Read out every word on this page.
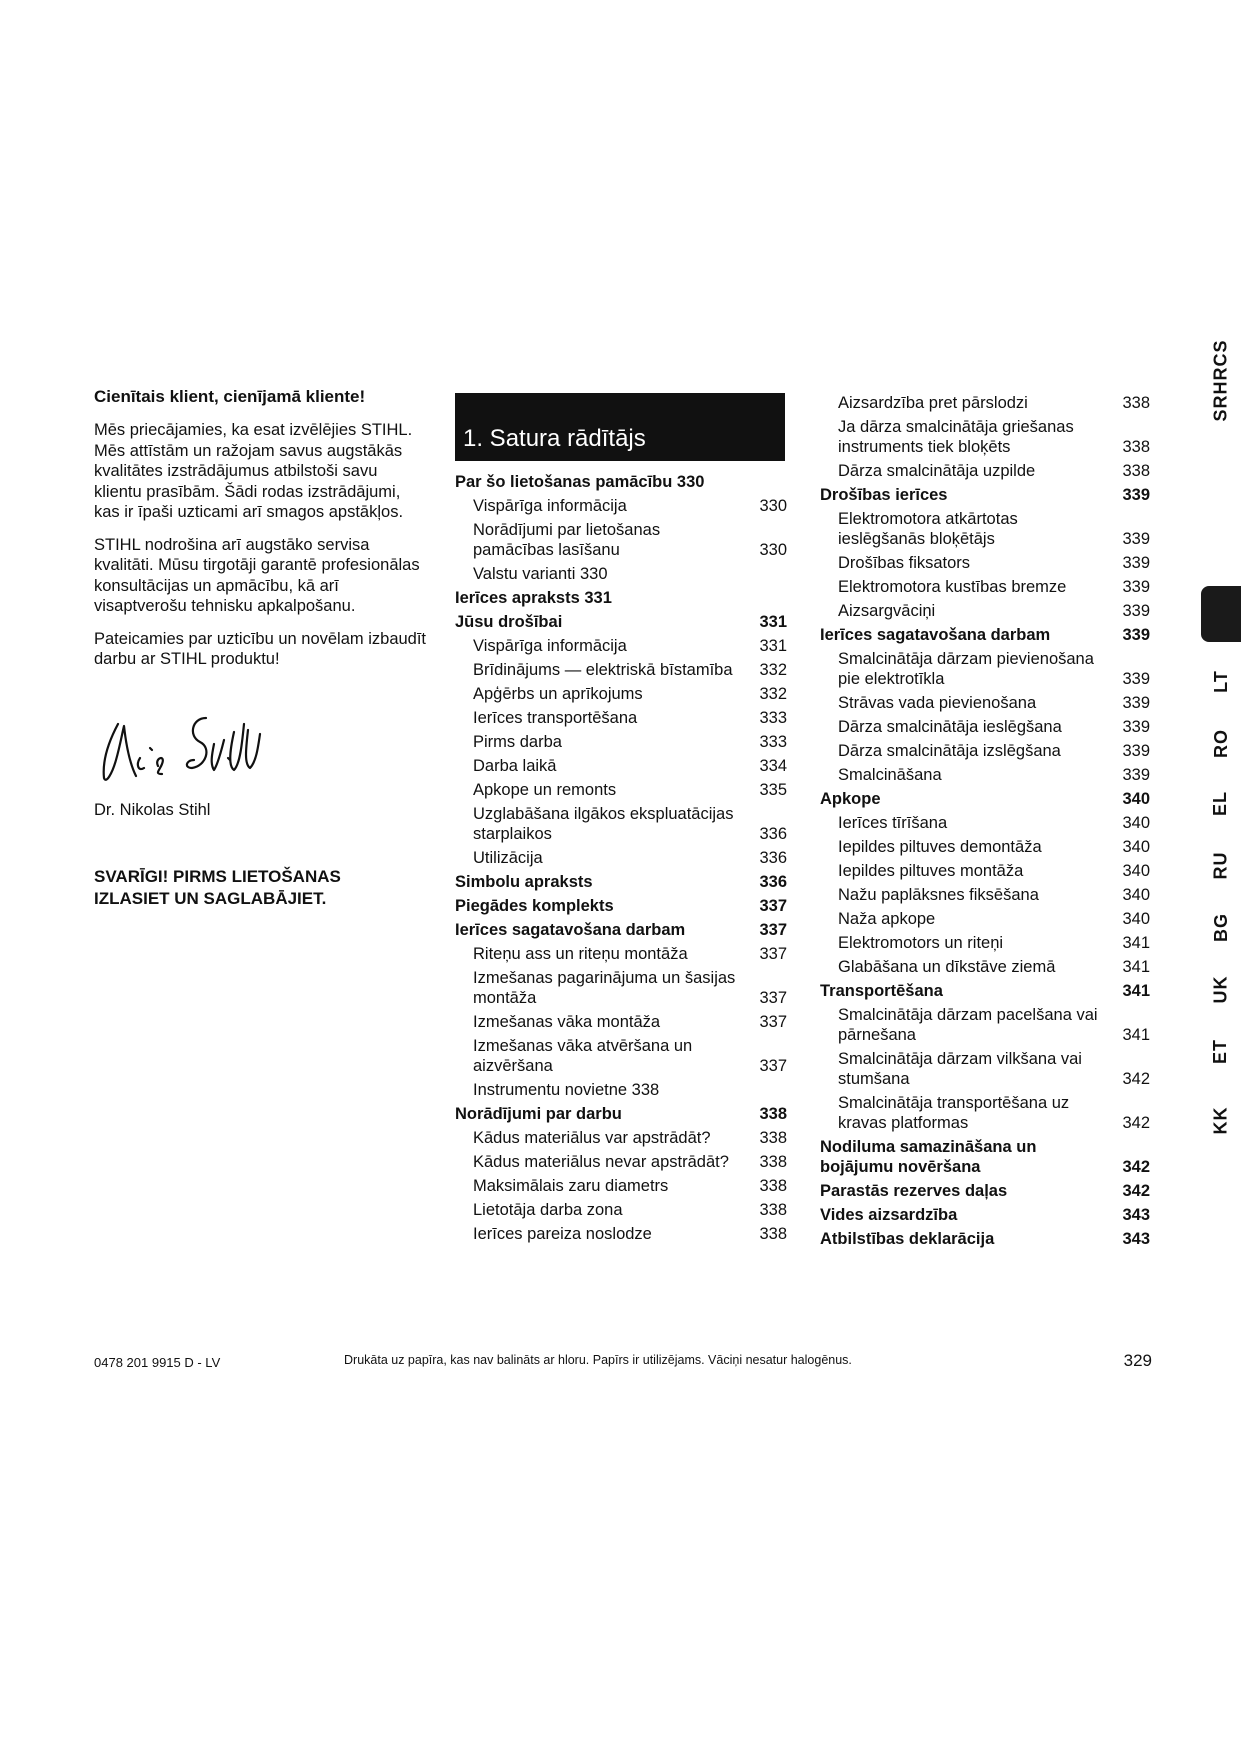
Cienītais klient, cienījamā kliente!

Mēs priecājamies, ka esat izvēlējies STIHL. Mēs attīstām un ražojam savus augstākās kvalitātes izstrādājumus atbilstoši savu klientu prasībām. Šādi rodas izstrādājumi, kas ir īpaši uzticami arī smagos apstākļos.

STIHL nodrošina arī augstāko servisa kvalitāti. Mūsu tirgotāji garantē profesionālas konsultācijas un apmācību, kā arī visaptverošu tehnisku apkalpošanu.

Pateicamies par uzticību un novēlam izbaudīt darbu ar STIHL produktu!

Dr. Nikolas Stihl

SVARĪGI! PIRMS LIETOŠANAS

IZLASIET UN SAGLABĀJIET.

1. Satura rādītājs
Par šo lietošanas pamācību 330
Vispārīga informācija	330
Norādījumi par lietošanas pamācības lasīšanu	330
Valstu varianti 330
Ierīces apraksts 331
Jūsu drošībai	331
Vispārīga informācija	331
Brīdinājums — elektriskā bīstamība	332
Apģērbs un aprīkojums	332
Ierīces transportēšana	333
Pirms darba	333
Darba laikā	334
Apkope un remonts	335
Uzglabāšana ilgākos ekspluatācijas starplaikos	336
Utilizācija	336
Simbolu apraksts	336
Piegādes komplekts	337
Ierīces sagatavošana darbam	337
Riteņu ass un riteņu montāža	337
Izmešanas pagarinājuma un šasijas montāža	337
Izmešanas vāka montāža	337
Izmešanas vāka atvēršana un aizvēršana	337
Instrumentu novietne 338
Norādījumi par darbu	338
Kādus materiālus var apstrādāt?	338
Kādus materiālus nevar apstrādāt?	338
Maksimālais zaru diametrs	338
Lietotāja darba zona	338
Ierīces pareiza noslodze	338
Aizsardzība pret pārslodzi	338
Ja dārza smalcinātāja griešanas instruments tiek bloķēts	338
Dārza smalcinātāja uzpilde	338
Drošības ierīces	339
Elektromotora atkārtotas ieslēgšanās bloķētājs	339
Drošības fiksators	339
Elektromotora kustības bremze	339
Aizsargvāciņi	339
Ierīces sagatavošana darbam	339
Smalcinātāja dārzam pievienošana pie elektrotīkla	339
Strāvas vada pievienošana	339
Dārza smalcinātāja ieslēgšana	339
Dārza smalcinātāja izslēgšana	339
Smalcināšana	339
Apkope	340
Ierīces tīrīšana	340
Iepildes piltuves demontāža	340
Iepildes piltuves montāža	340
Nažu paplāksnes fiksēšana	340
Naža apkope	340
Elektromotors un riteņi	341
Glabāšana un dīkstāve ziemā	341
Transportēšana	341
Smalcinātāja dārzam pacelšana vai pārnešana	341
Smalcinātāja dārzam vilkšana vai stumšana	342
Smalcinātāja transportēšana uz kravas platformas	342
Nodiluma samazināšana un bojājumu novēršana	342
Parastās rezerves daļas	342
Vides aizsardzība	343
Atbilstības deklarācija	343
SRHRCS
LT
RO
EL
RU
BG
UK
ET
KK
0478 201 9915 D - LV	Drukāta uz papīra, kas nav balināts ar hloru. Papīrs ir utilizējams. Vāciņi nesatur halogēnus.	329
